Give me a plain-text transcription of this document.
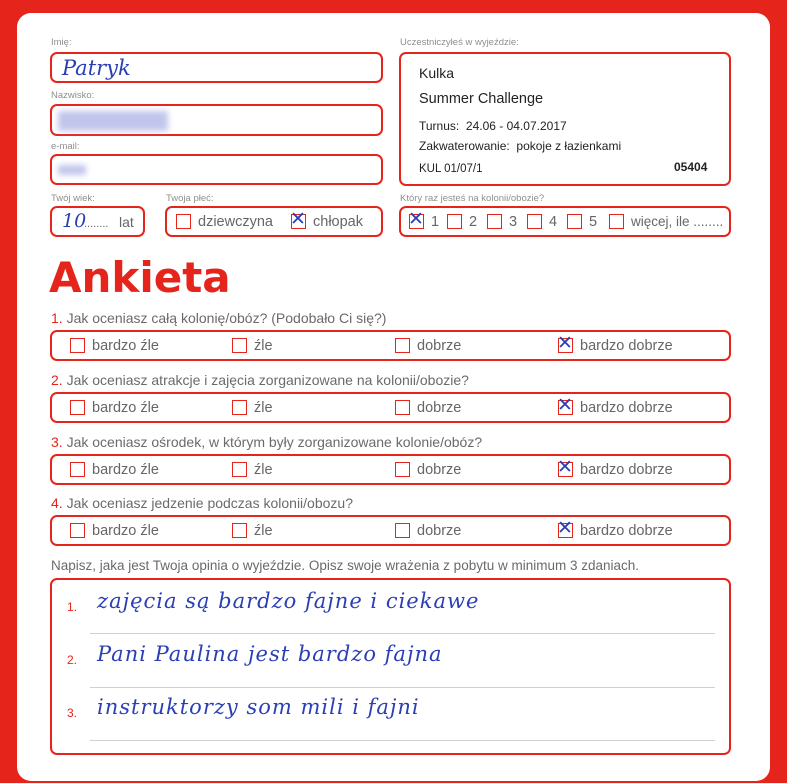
Imię:
Patryk
Nazwisko:
e-mail:
Twój wiek:
10
........ lat
Twoja płeć:
dziewczyna ✕ chłopak
Uczestniczyłeś w wyjeździe:
Kulka
Summer Challenge
Turnus: 24.06 - 04.07.2017
Zakwaterowanie: pokoje z łazienkami
KUL 01/07/1	05404
Który raz jesteś na kolonii/obozie?
✕ 1 2 3 4 5	więcej, ile ........
Ankieta
1. Jak oceniasz całą kolonię/obóz? (Podobało Ci się?)
bardzo źle	źle	dobrze	✕ bardzo dobrze
2. Jak oceniasz atrakcje i zajęcia zorganizowane na kolonii/obozie?
bardzo źle	źle	dobrze	✕ bardzo dobrze
3. Jak oceniasz ośrodek, w którym były zorganizowane kolonie/obóz?
bardzo źle	źle	dobrze	✕ bardzo dobrze
4. Jak oceniasz jedzenie podczas kolonii/obozu?
bardzo źle	źle	dobrze	✕ bardzo dobrze
Napisz, jaka jest Twoja opinia o wyjeździe. Opisz swoje wrażenia z pobytu w minimum 3 zdaniach.
1. zajęcia są bardzo fajne i ciekawe
2. Pani Paulina jest bardzo fajna
3. instruktorzy som mili i fajni
